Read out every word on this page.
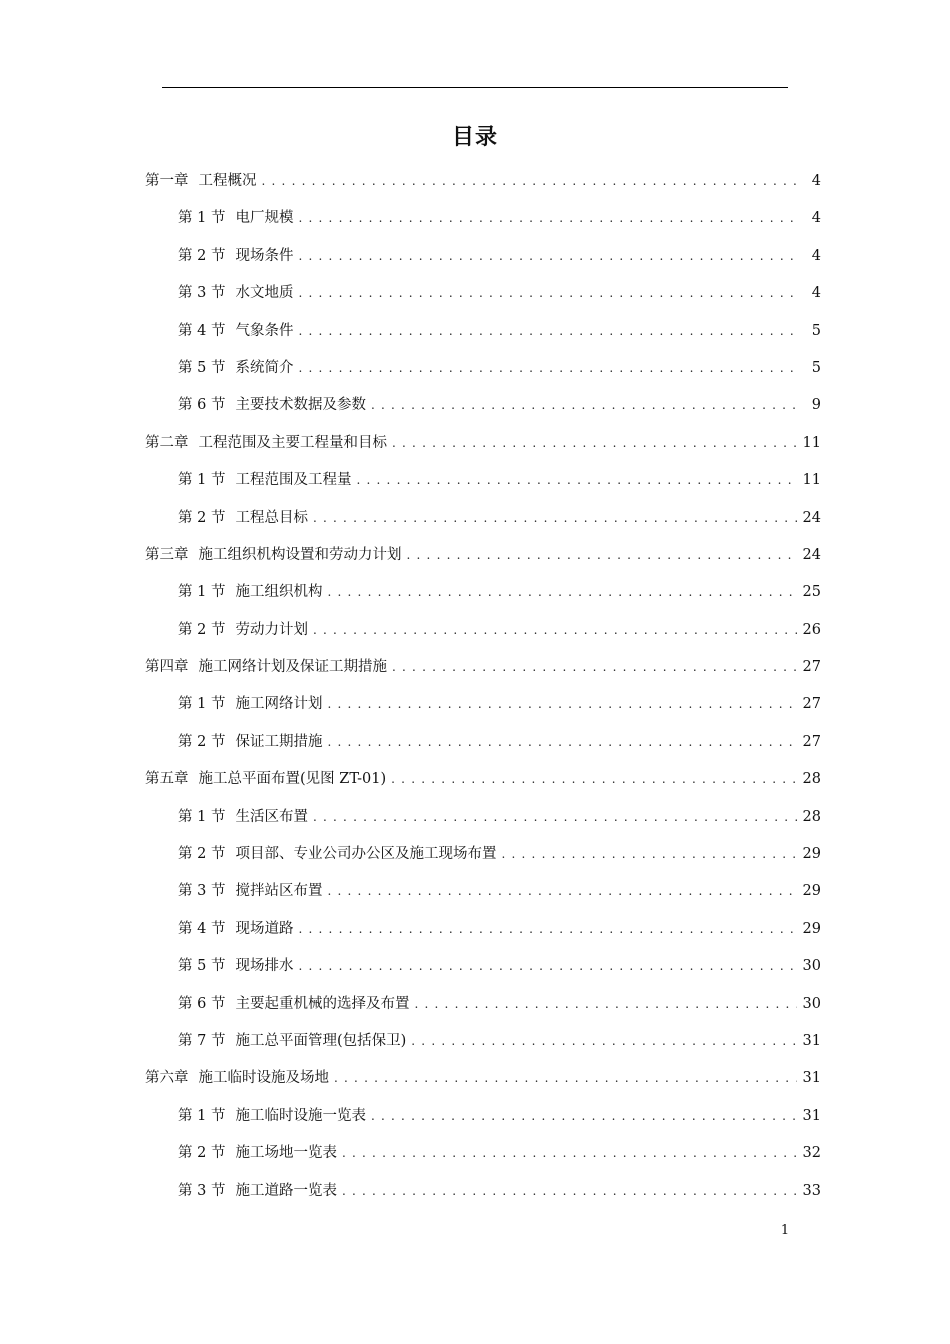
目录
第一章 工程概况 . . .	4
第 1 节 电厂规模 . . .	4
第 2 节 现场条件 . . .	4
第 3 节 水文地质 . . .	4
第 4 节 气象条件 . . .	5
第 5 节 系统简介 . . .	5
第 6 节 主要技术数据及参数 . . .	9
第二章 工程范围及主要工程量和目标 . . .	11
第 1 节 工程范围及工程量 . . .	11
第 2 节 工程总目标 . . .	24
第三章 施工组织机构设置和劳动力计划 . . .	24
第 1 节 施工组织机构 . . .	25
第 2 节 劳动力计划 . . .	26
第四章 施工网络计划及保证工期措施 . . .	27
第 1 节 施工网络计划 . . .	27
第 2 节 保证工期措施 . . .	27
第五章 施工总平面布置(见图 ZT-01) . . .	28
第 1 节 生活区布置 . . .	28
第 2 节 项目部、专业公司办公区及施工现场布置 . . .	29
第 3 节 搅拌站区布置 . . .	29
第 4 节 现场道路 . . .	29
第 5 节 现场排水 . . .	30
第 6 节 主要起重机械的选择及布置 . . .	30
第 7 节 施工总平面管理(包括保卫) . . .	31
第六章 施工临时设施及场地 . . .	31
第 1 节 施工临时设施一览表 . . .	31
第 2 节 施工场地一览表 . . .	32
第 3 节 施工道路一览表 . . .	33
1
